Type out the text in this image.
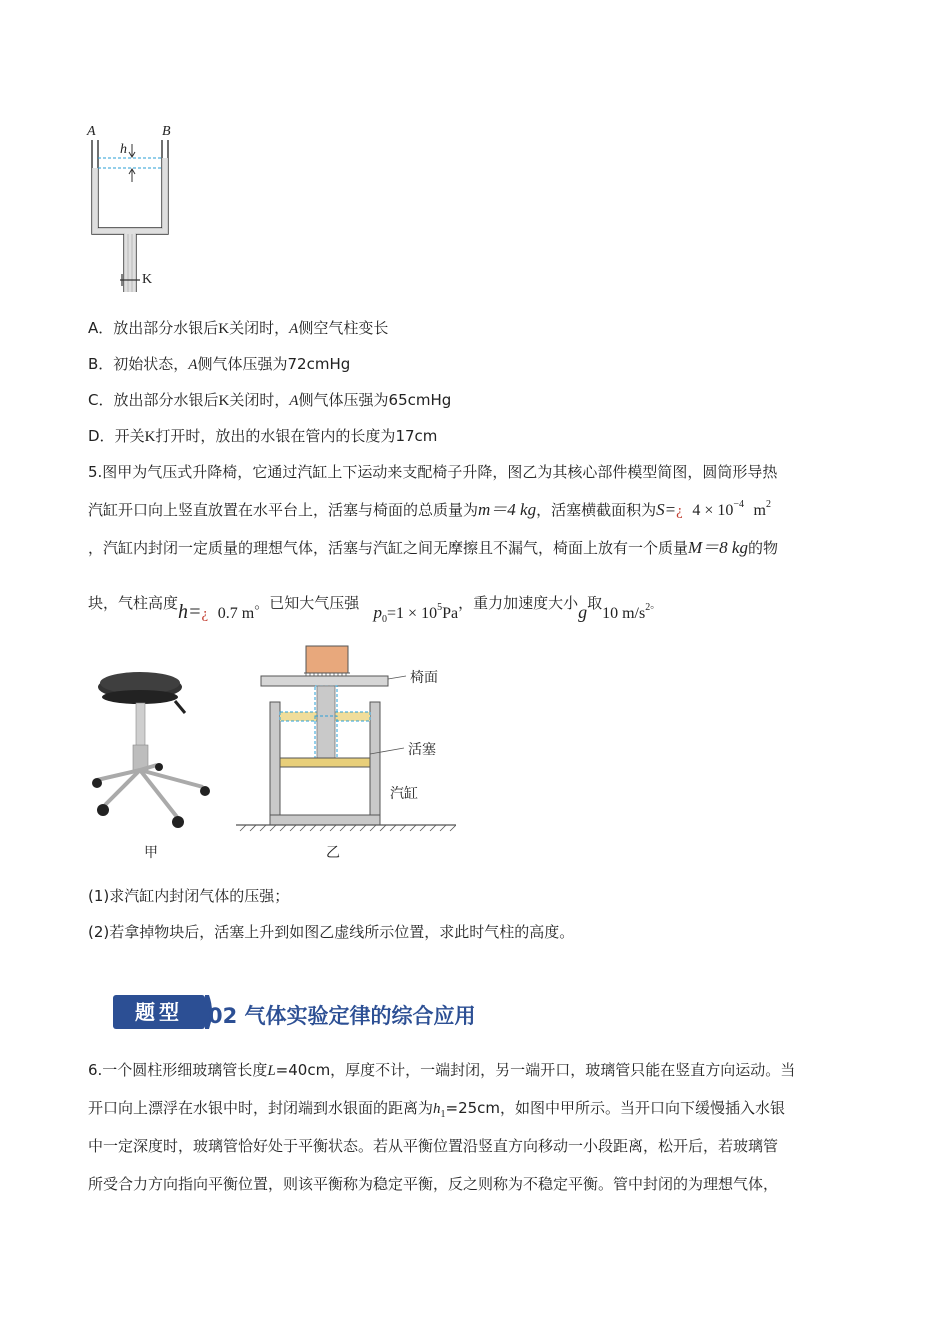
A	B
h
K
A．放出部分水银后K关闭时，A侧空气柱变长
B．初始状态，A侧气体压强为72cmHg
C．放出部分水银后K关闭时，A侧气体压强为65cmHg
D．开关K打开时，放出的水银在管内的长度为17cm
5.图甲为气压式升降椅，它通过汽缸上下运动来支配椅子升降，图乙为其核心部件模型简图，圆筒形导热
汽缸开口向上竖直放置在水平台上，活塞与椅面的总质量为m＝4 kg，活塞横截面积为S=¿ $4 \times 10^{-4}$ $m^2$
，汽缸内封闭一定质量的理想气体，活塞与汽缸之间无摩擦且不漏气，椅面上放有一个质量M＝8 kg的物
块，气柱高度h=¿ 0.7 m。已知大气压强 $p_0=1 \times 10^5Pa$，重力加速度大小g取10 $m/s^2$。
椅面
活塞
汽缸
甲	乙
(1)求汽缸内封闭气体的压强；
(2)若拿掉物块后，活塞上升到如图乙虚线所示位置，求此时气柱的高度。
题型	02 气体实验定律的综合应用
6.一个圆柱形细玻璃管长度L=40cm，厚度不计，一端封闭，另一端开口，玻璃管只能在竖直方向运动。当
开口向上漂浮在水银中时，封闭端到水银面的距离为$h_1=25cm$，如图中甲所示。当开口向下缓慢插入水银
中一定深度时，玻璃管恰好处于平衡状态。若从平衡位置沿竖直方向移动一小段距离，松开后，若玻璃管
所受合力方向指向平衡位置，则该平衡称为稳定平衡，反之则称为不稳定平衡。管中封闭的为理想气体，
